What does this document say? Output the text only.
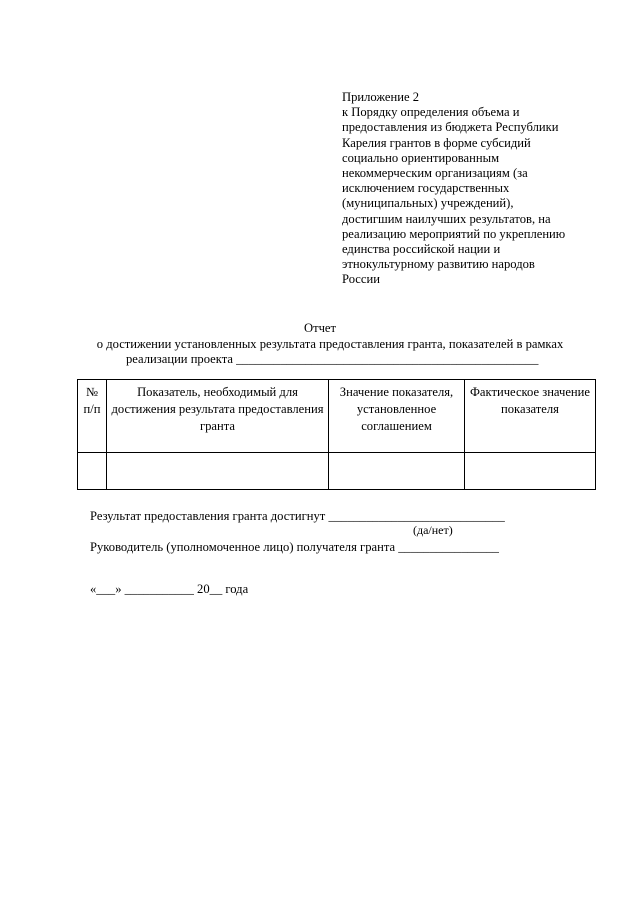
Приложение 2
к Порядку определения объема и
предоставления из бюджета Республики
Карелия грантов в форме субсидий
социально ориентированным
некоммерческим организациям (за
исключением государственных
(муниципальных) учреждений),
достигшим наилучших результатов, на
реализацию мероприятий по укреплению
единства российской нации и
этнокультурному развитию народов
России
Отчет
о достижении установленных результата предоставления гранта, показателей в рамках
реализации проекта ________________________________________________
№ п/п	Показатель, необходимый для достижения результата предоставления гранта	Значение показателя, установленное соглашением	Фактическое значение показателя

Результат предоставления гранта достигнут ____________________________
(да/нет)
Руководитель (уполномоченное лицо) получателя гранта ________________
«___» ___________ 20__ года
